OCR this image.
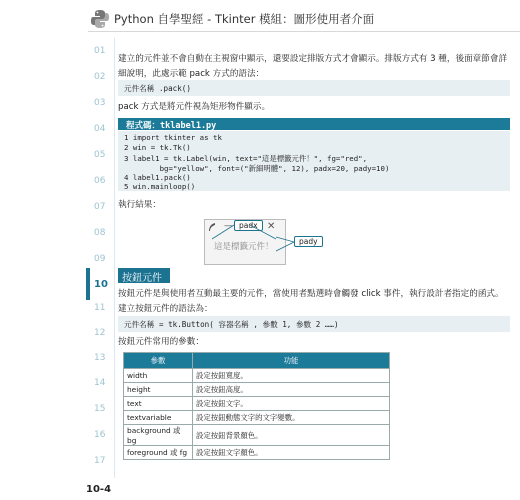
Python 自學聖經 - Tkinter 模組：圖形使用者介面
01
02
03
04
05
06
07
08
09
10
11
12
13
14
15
16
17
建立的元件並不會自動在主視窗中顯示，還要設定排版方式才會顯示。排版方式有 3 種，後面章節會詳細說明，此處示範 pack 方式的語法：
元件名稱 .pack()
pack 方式是將元件視為矩形物件顯示。
程式碼：tklabel1.py
1 import tkinter as tk
2 win = tk.Tk()
3 label1 = tk.Label(win, text="這是標籤元件！", fg="red",
bg="yellow", font=("新細明體", 12), padx=20, pady=10)
4 label1.pack()
5 win.mainloop()
執行結果：
—	✕
這是標籤元件！
padx
pady
按鈕元件
按鈕元件是與使用者互動最主要的元件，當使用者點選時會觸發 click 事件，執行設計者指定的函式。建立按鈕元件的語法為：
元件名稱 = tk.Button( 容器名稱 , 參數 1, 參數 2 ……)
按鈕元件常用的參數：
參數	功能
width	設定按鈕寬度。
height	設定按鈕高度。
text	設定按鈕文字。
textvariable	設定按鈕動態文字的文字變數。
background 或 bg	設定按鈕背景顏色。
foreground 或 fg	設定按鈕文字顏色。
10-4
